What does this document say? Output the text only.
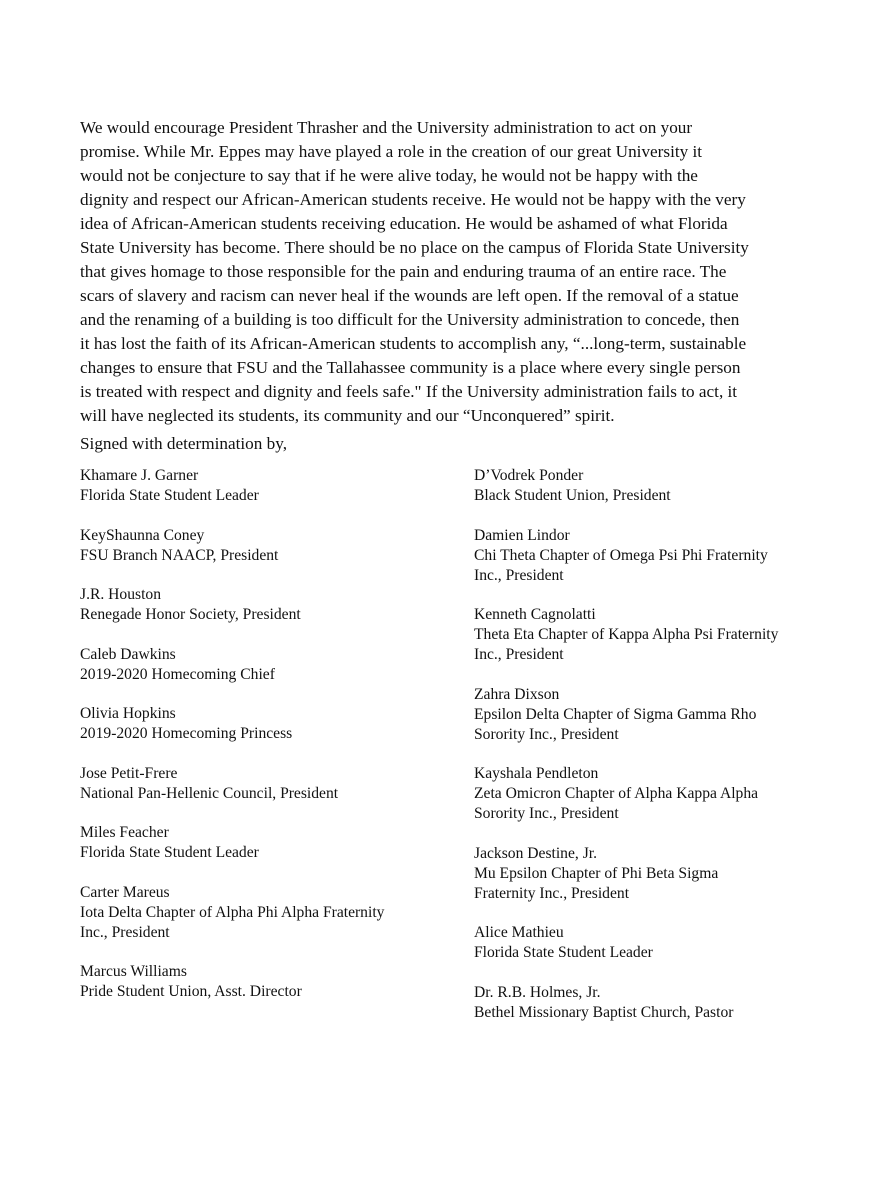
We would encourage President Thrasher and the University administration to act on your
promise. While Mr. Eppes may have played a role in the creation of our great University it
would not be conjecture to say that if he were alive today, he would not be happy with the
dignity and respect our African-American students receive. He would not be happy with the very
idea of African-American students receiving education. He would be ashamed of what Florida
State University has become. There should be no place on the campus of Florida State University
that gives homage to those responsible for the pain and enduring trauma of an entire race. The
scars of slavery and racism can never heal if the wounds are left open. If the removal of a statue
and the renaming of a building is too difficult for the University administration to concede, then
it has lost the faith of its African-American students to accomplish any, “...long-term, sustainable
changes to ensure that FSU and the Tallahassee community is a place where every single person
is treated with respect and dignity and feels safe." If the University administration fails to act, it
will have neglected its students, its community and our “Unconquered” spirit.

Signed with determination by,

Khamare J. Garner
Florida State Student Leader
KeyShaunna Coney
FSU Branch NAACP, President
J.R. Houston
Renegade Honor Society, President
Caleb Dawkins
2019-2020 Homecoming Chief
Olivia Hopkins
2019-2020 Homecoming Princess
Jose Petit-Frere
National Pan-Hellenic Council, President
Miles Feacher
Florida State Student Leader
Carter Mareus
Iota Delta Chapter of Alpha Phi Alpha Fraternity
Inc., President
Marcus Williams
Pride Student Union, Asst. Director
D’Vodrek Ponder
Black Student Union, President
Damien Lindor
Chi Theta Chapter of Omega Psi Phi Fraternity
Inc., President
Kenneth Cagnolatti
Theta Eta Chapter of Kappa Alpha Psi Fraternity
Inc., President
Zahra Dixson
Epsilon Delta Chapter of Sigma Gamma Rho
Sorority Inc., President
Kayshala Pendleton
Zeta Omicron Chapter of Alpha Kappa Alpha
Sorority Inc., President
Jackson Destine, Jr.
Mu Epsilon Chapter of Phi Beta Sigma
Fraternity Inc., President
Alice Mathieu
Florida State Student Leader
Dr. R.B. Holmes, Jr.
Bethel Missionary Baptist Church, Pastor
